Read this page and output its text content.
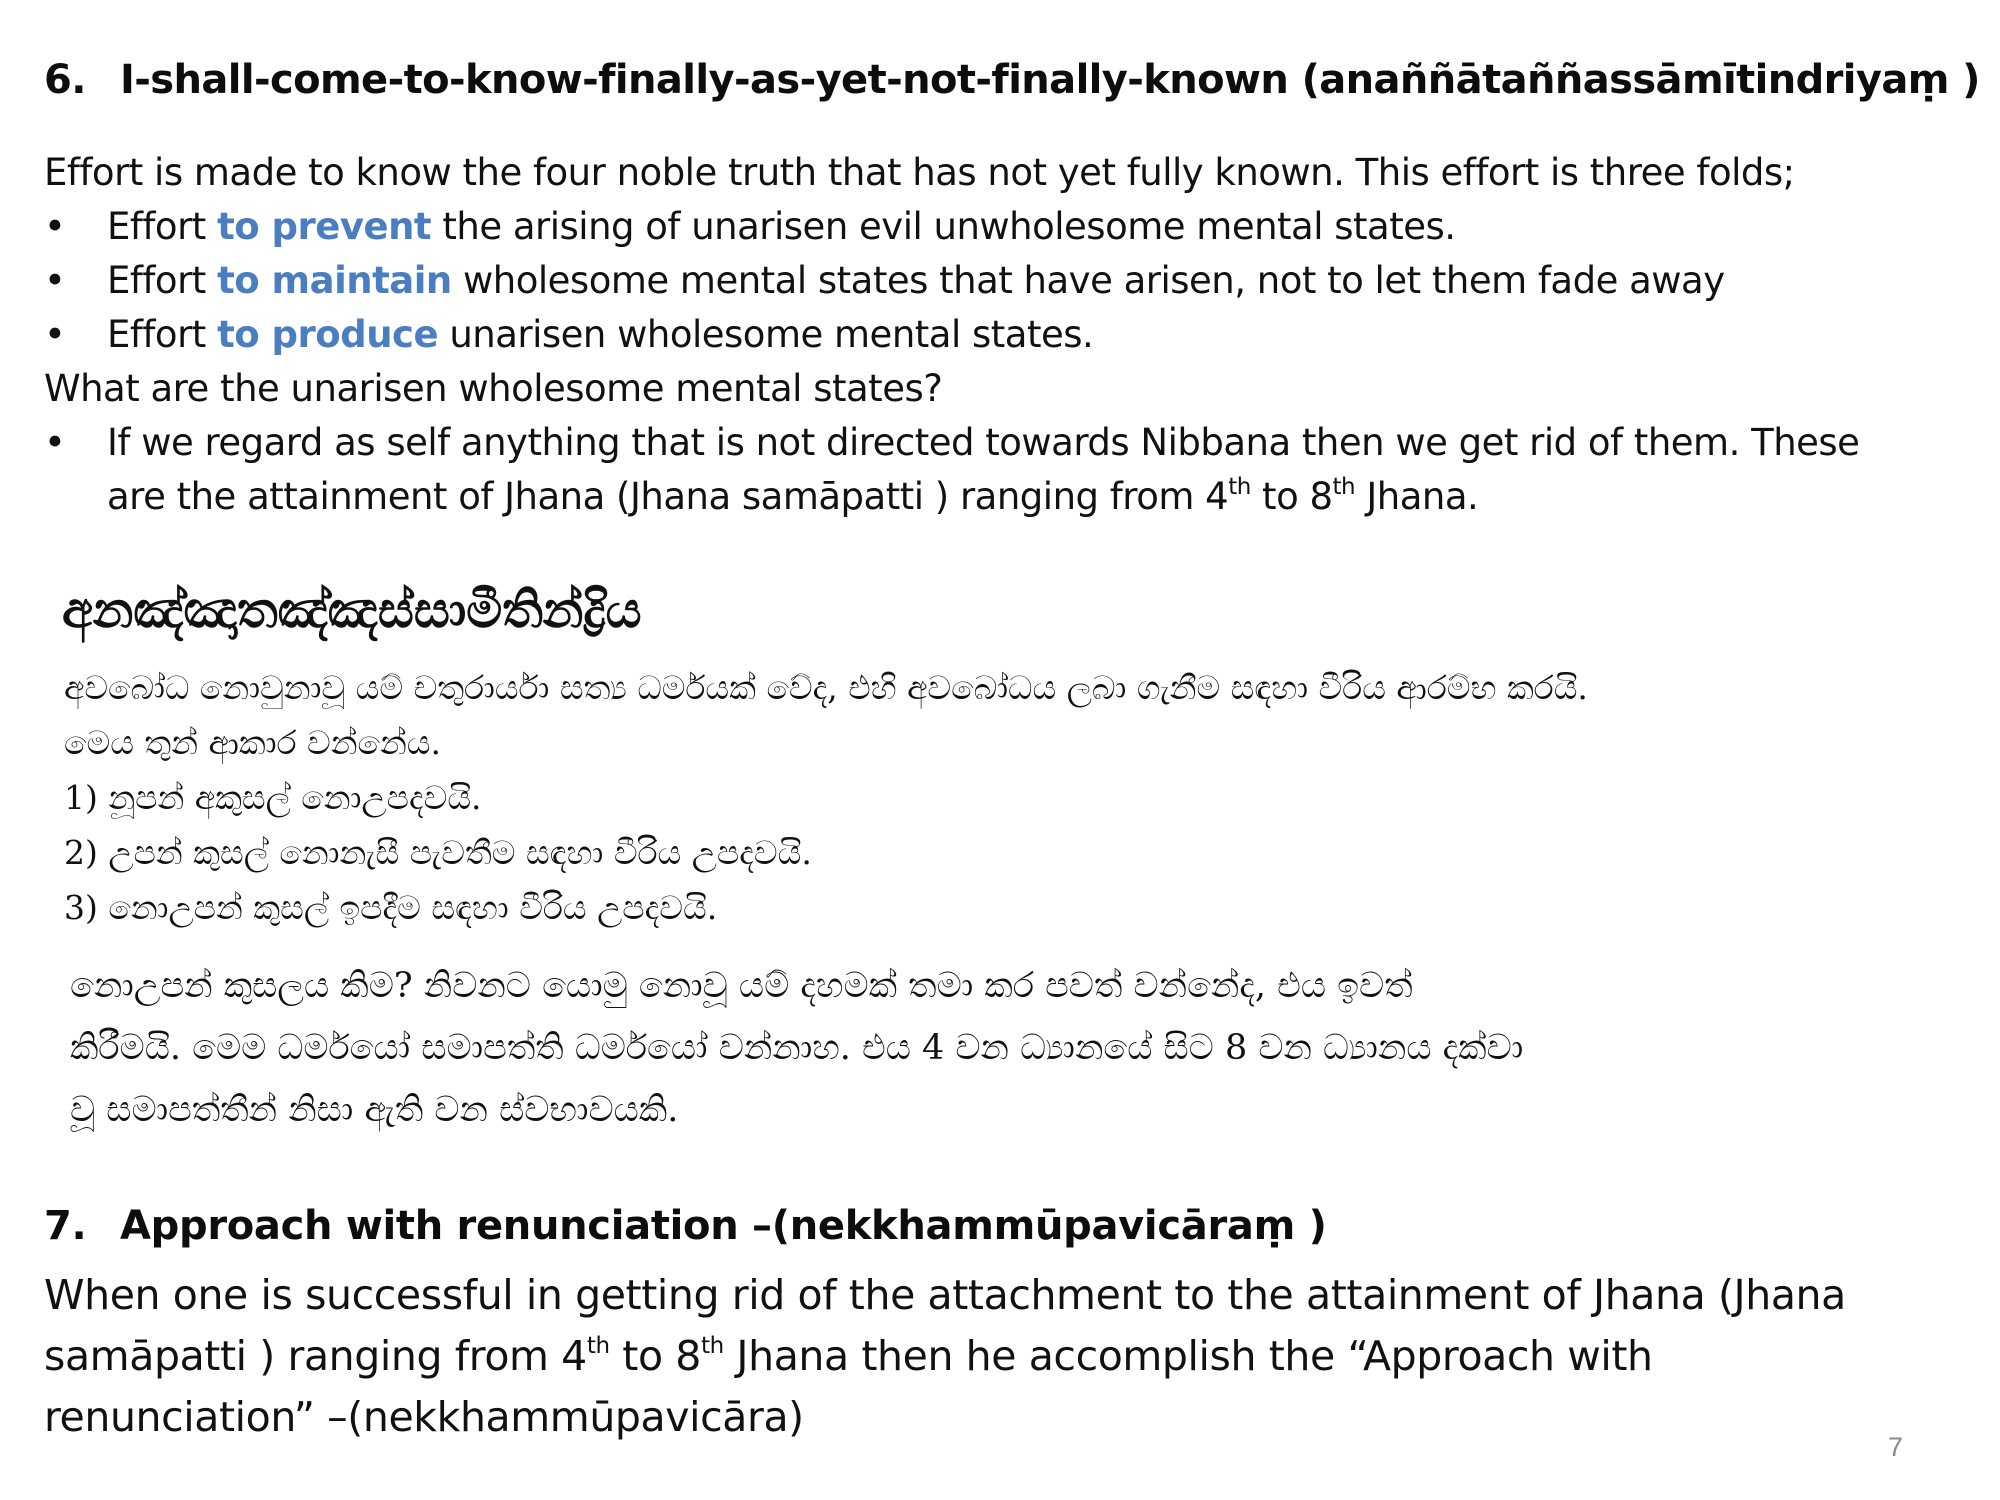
6. I-shall-come-to-know-finally-as-yet-not-finally-known (anaññātaññassāmītindriyaṃ )
Effort is made to know the four noble truth that has not yet fully known. This effort is three folds;
• Effort to prevent the arising of unarisen evil unwholesome mental states.
• Effort to maintain wholesome mental states that have arisen, not to let them fade away
• Effort to produce unarisen wholesome mental states.
What are the unarisen wholesome mental states?
• If we regard as self anything that is not directed towards Nibbana then we get rid of them. These
are the attainment of Jhana (Jhana samāpatti ) ranging from 4th to 8th Jhana.
අනඤ්ඤාතඤ්ඤස්සාමීතින්ද්‍රිය
අවබෝධ නොවුනාවූ යම් චතුරාර්යා සත්‍ය ධර්මයක් වේද, එහි අවබෝධය ලබා ගැනීම සඳහා වීරිය ආරම්භ කරයි.
මෙය තුන් ආකාර වන්නේය.
1) නූපන් අකුසල් නොඋපදවයි.
2) උපන් කුසල් නොනැසී පැවතීම සඳහා වීරිය උපදවයි.
3) නොඋපන් කුසල් ඉපදීම සඳහා වීරිය උපදවයි.
නොඋපන් කුසලය කිම? නිවනට යොමු නොවූ යම් දහමක් තමා කර පවත් වන්නේද, එය ඉවත්
කිරීමයි. මෙම ධර්මයෝ සමාපත්ති ධර්මයෝ වන්නාහ. එය 4 වන ධ්‍යානයේ සිට 8 වන ධ්‍යානය දක්වා
වූ සමාපත්තීන් නිසා ඇති වන ස්වභාවයකි.
7. Approach with renunciation –(nekkhammūpavicāraṃ )
When one is successful in getting rid of the attachment to the attainment of Jhana (Jhana
samāpatti ) ranging from 4th to 8th Jhana then he accomplish the “Approach with
renunciation” –(nekkhammūpavicāra)

7
